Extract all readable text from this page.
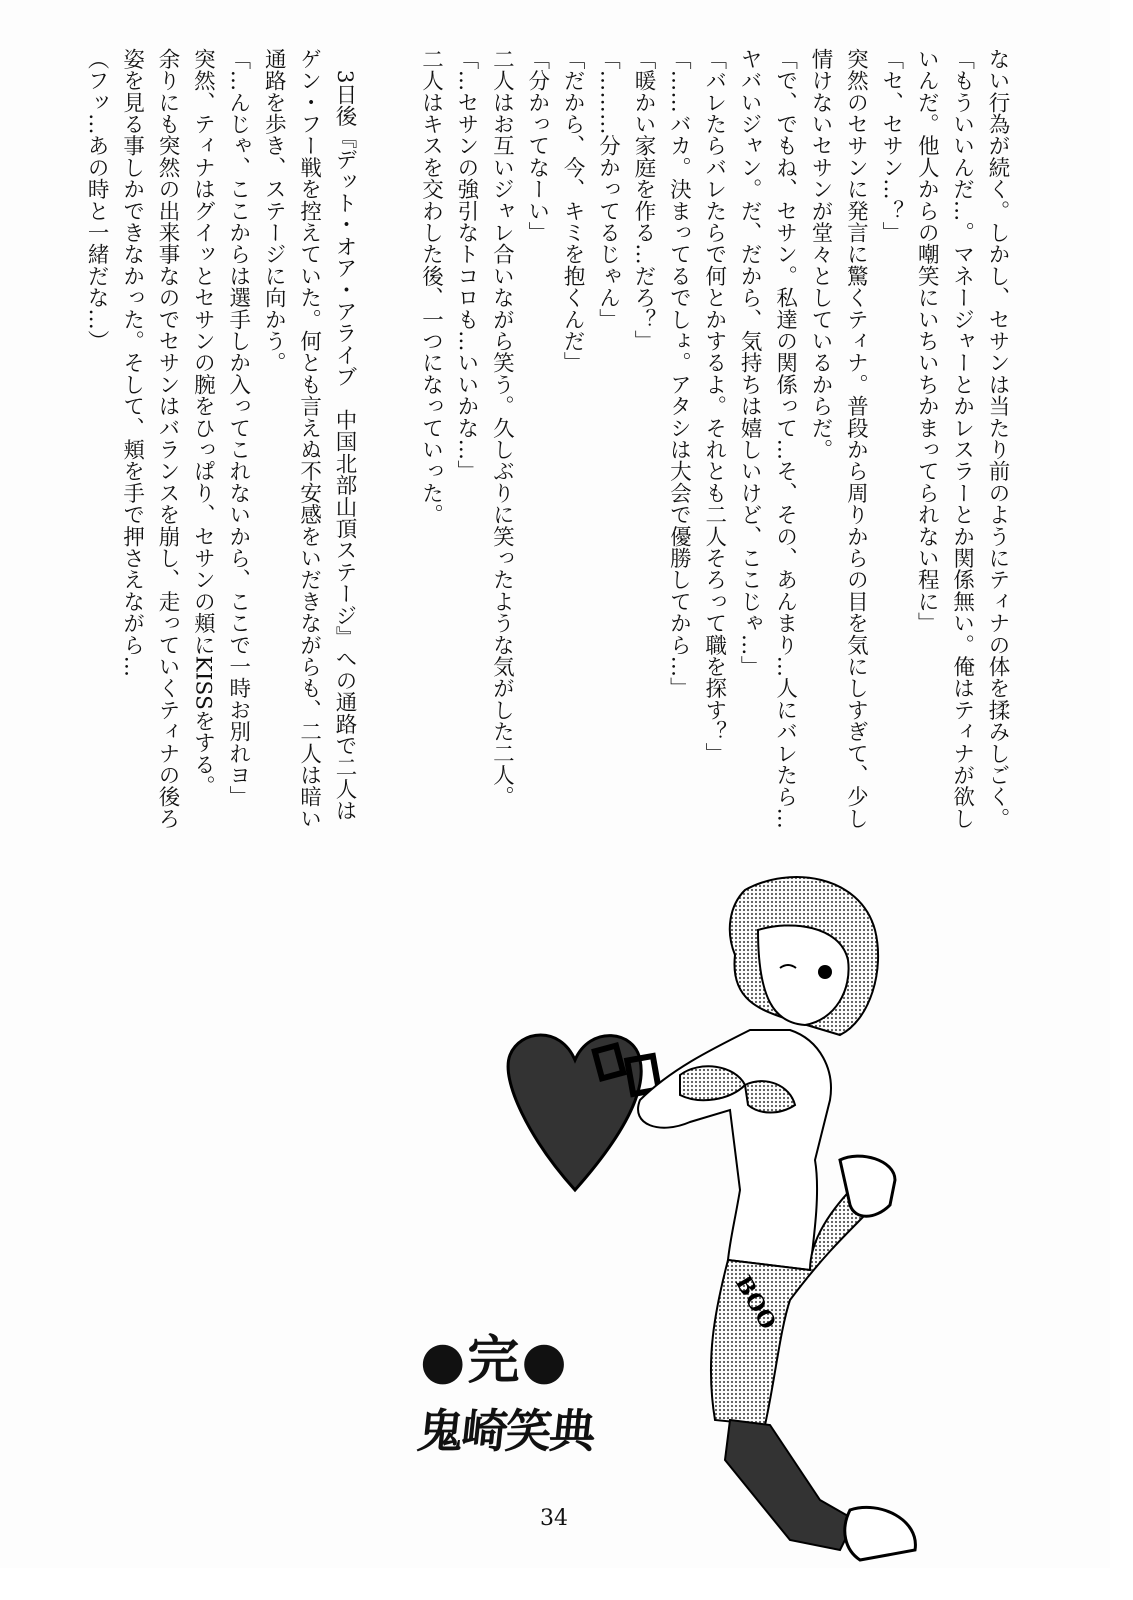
ない行為が続く。しかし、セサンは当たり前のようにティナの体を揉みしごく。
「もういいんだ…。マネージャーとかレスラーとか関係無い。俺はティナが欲し
いんだ。他人からの嘲笑にいちいちかまってられない程に」
「セ、セサン…？」
突然のセサンに発言に驚くティナ。普段から周りからの目を気にしすぎて、少し
情けないセサンが堂々としているからだ。
「で、でもね、セサン。私達の関係って…そ、その、あんまり…人にバレたら…
ヤバいジャン。だ、だから、気持ちは嬉しいけど、ここじゃ…」
「バレたらバレたらで何とかするよ。それとも二人そろって職を探す？」
「……バカ。決まってるでしょ。アタシは大会で優勝してから…」
「暖かい家庭を作る…だろ？」
「………分かってるじゃん」
「だから、今、キミを抱くんだ」
「分かってなーい」
二人はお互いジャレ合いながら笑う。久しぶりに笑ったような気がした二人。
「…セサンの強引なトコロも…いいかな…」
二人はキスを交わした後、一つになっていった。
　3日後『デット・オア・アライブ　中国北部山頂ステージ』への通路で二人は
ゲン・フー戦を控えていた。何とも言えぬ不安感をいだきながらも、二人は暗い
通路を歩き、ステージに向かう。
「…んじゃ、ここからは選手しか入ってこれないから、ここで一時お別れヨ」
突然、ティナはグイッとセサンの腕をひっぱり、セサンの頬にKISSをする。
余りにも突然の出来事なのでセサンはバランスを崩し、走っていくティナの後ろ
姿を見る事しかできなかった。そして、頬を手で押さえながら…
（フッ…あの時と一緒だな…）
BOO
●完●
鬼崎笑典
34
